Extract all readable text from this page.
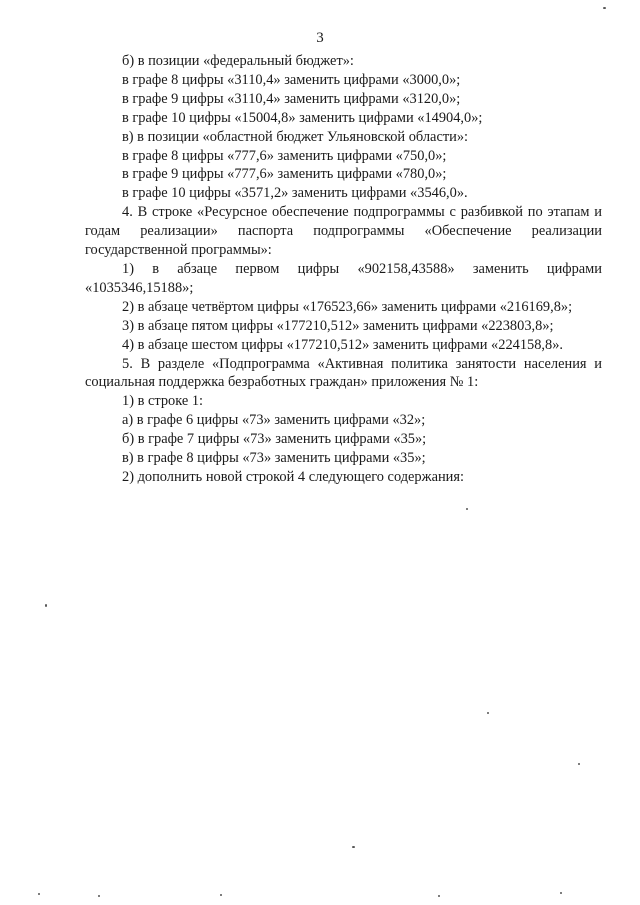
3

б) в позиции «федеральный бюджет»:

в графе 8 цифры «3110,4» заменить цифрами «3000,0»;

в графе 9 цифры «3110,4» заменить цифрами «3120,0»;

в графе 10 цифры «15004,8» заменить цифрами «14904,0»;

в) в позиции «областной бюджет Ульяновской области»:

в графе 8 цифры «777,6» заменить цифрами «750,0»;

в графе 9 цифры «777,6» заменить цифрами «780,0»;

в графе 10 цифры «3571,2» заменить цифрами «3546,0».

4. В строке «Ресурсное обеспечение подпрограммы с разбивкой по этапам и годам реализации» паспорта подпрограммы «Обеспечение реализации государственной программы»:

1) в абзаце первом цифры «902158,43588» заменить цифрами «1035346,15188»;

2) в абзаце четвёртом цифры «176523,66» заменить цифрами «216169,8»;

3) в абзаце пятом цифры «177210,512» заменить цифрами «223803,8»;

4) в абзаце шестом цифры «177210,512» заменить цифрами «224158,8».

5. В разделе «Подпрограмма «Активная политика занятости населения и социальная поддержка безработных граждан» приложения № 1:

1) в строке 1:

а) в графе 6 цифры «73» заменить цифрами «32»;

б) в графе 7 цифры «73» заменить цифрами «35»;

в) в графе 8 цифры «73» заменить цифрами «35»;

2) дополнить новой строкой 4 следующего содержания:
